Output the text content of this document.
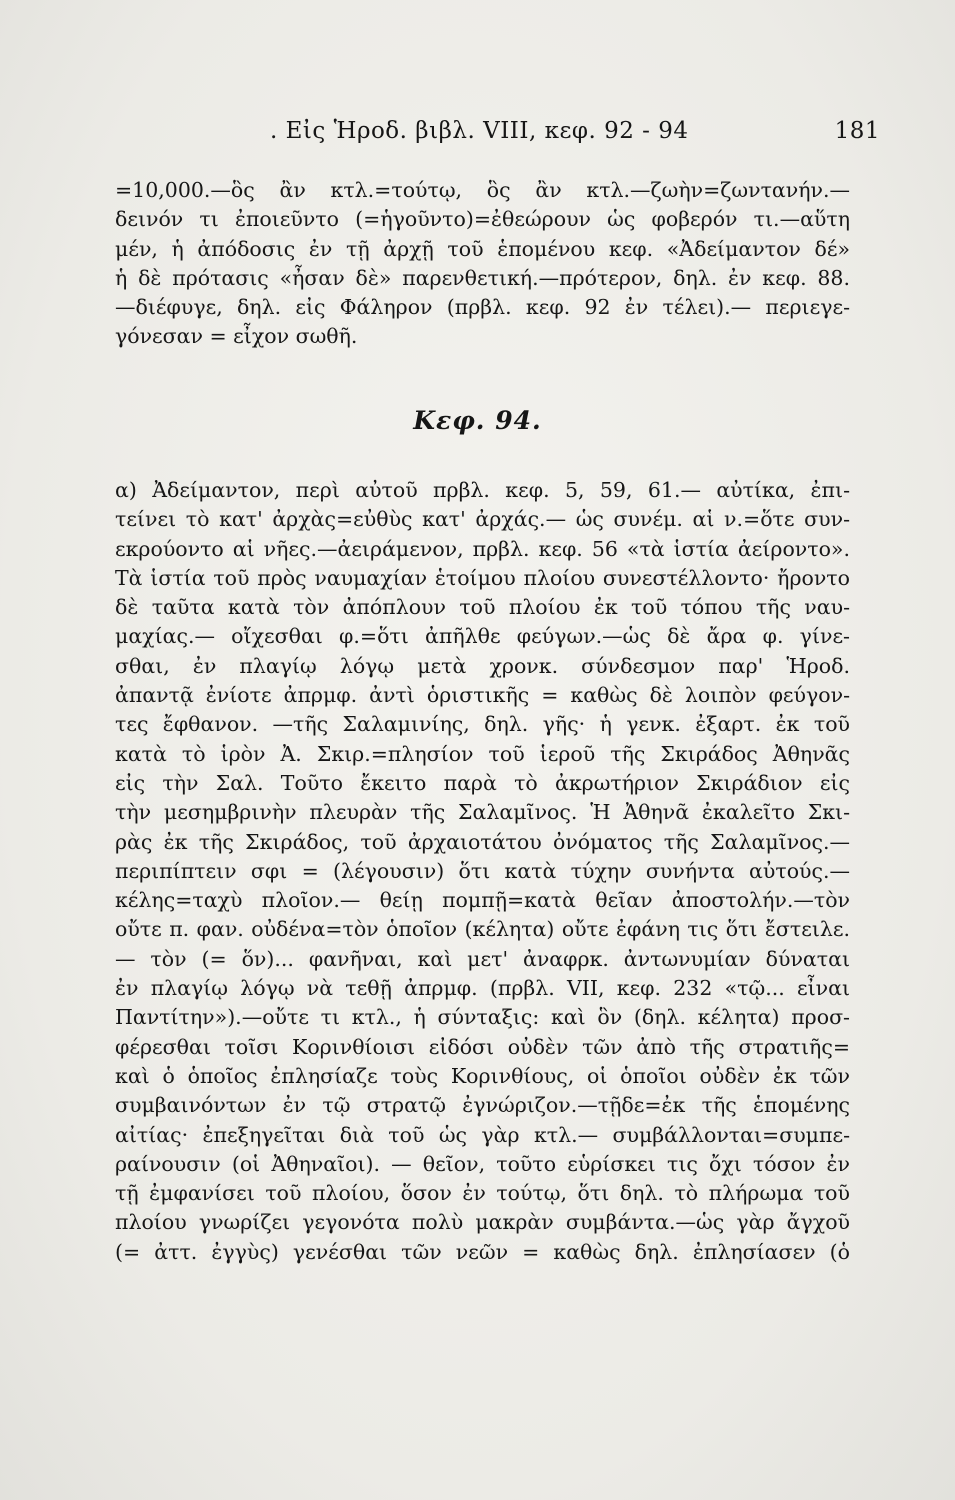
. Εἰς Ἡροδ. βιβλ. VIII, κεφ. 92 - 94	181
=10,000.—ὃς ἂν κτλ.=τούτῳ, ὃς ἂν κτλ.—ζωὴν=ζωντανήν.—
δεινόν τι ἐποιεῦντο (=ἡγοῦντο)=ἐθεώρουν ὡς φοβερόν τι.—αὕτη
μέν, ἡ ἀπόδοσις ἐν τῇ ἀρχῇ τοῦ ἑπομένου κεφ. «Ἀδείμαντον δέ»
ἡ δὲ πρότασις «ἦσαν δὲ» παρενθετική.—πρότερον, δηλ. ἐν κεφ. 88.
—διέφυγε, δηλ. εἰς Φάληρον (πρβλ. κεφ. 92 ἐν τέλει).— περιεγε-
γόνεσαν = εἶχον σωθῆ.
Κεφ. 94.
α) Ἀδείμαντον, περὶ αὐτοῦ πρβλ. κεφ. 5, 59, 61.— αὐτίκα, ἐπι-
τείνει τὸ κατ' ἀρχὰς=εὐθὺς κατ' ἀρχάς.— ὡς συνέμ. αἱ ν.=ὅτε συν-
εκρούοντο αἱ νῆες.—ἀειράμενον, πρβλ. κεφ. 56 «τὰ ἱστία ἀείροντο».
Τὰ ἱστία τοῦ πρὸς ναυμαχίαν ἑτοίμου πλοίου συνεστέλλοντο· ἤροντο
δὲ ταῦτα κατὰ τὸν ἀπόπλουν τοῦ πλοίου ἐκ τοῦ τόπου τῆς ναυ-
μαχίας.— οἴχεσθαι φ.=ὅτι ἀπῆλθε φεύγων.—ὡς δὲ ἄρα φ. γίνε-
σθαι, ἐν πλαγίῳ λόγῳ μετὰ χρονκ. σύνδεσμον παρ' Ἡροδ.
ἀπαντᾷ ἐνίοτε ἀπρμφ. ἀντὶ ὁριστικῆς = καθὼς δὲ λοιπὸν φεύγον-
τες ἔφθανον. —τῆς Σαλαμινίης, δηλ. γῆς· ἡ γενκ. ἐξαρτ. ἐκ τοῦ
κατὰ τὸ ἱρὸν Ἀ. Σκιρ.=πλησίον τοῦ ἱεροῦ τῆς Σκιράδος Ἀθηνᾶς
εἰς τὴν Σαλ. Τοῦτο ἔκειτο παρὰ τὸ ἀκρωτήριον Σκιράδιον εἰς
τὴν μεσημβρινὴν πλευρὰν τῆς Σαλαμῖνος. Ἡ Ἀθηνᾶ ἐκαλεῖτο Σκι-
ρὰς ἐκ τῆς Σκιράδος, τοῦ ἀρχαιοτάτου ὀνόματος τῆς Σαλαμῖνος.—
περιπίπτειν σφι = (λέγουσιν) ὅτι κατὰ τύχην συνήντα αὐτούς.—
κέλης=ταχὺ πλοῖον.— θείῃ πομπῇ=κατὰ θεῖαν ἀποστολήν.—τὸν
οὔτε π. φαν. οὐδένα=τὸν ὁποῖον (κέλητα) οὔτε ἐφάνη τις ὅτι ἔστειλε.
— τὸν (= ὅν)... φανῆναι, καὶ μετ' ἀναφρκ. ἀντωνυμίαν δύναται
ἐν πλαγίῳ λόγῳ νὰ τεθῇ ἀπρμφ. (πρβλ. VII, κεφ. 232 «τῷ... εἶναι
Παντίτην»).—οὔτε τι κτλ., ἡ σύνταξις: καὶ ὃν (δηλ. κέλητα) προσ-
φέρεσθαι τοῖσι Κορινθίοισι εἰδόσι οὐδὲν τῶν ἀπὸ τῆς στρατιῆς=
καὶ ὁ ὁποῖος ἐπλησίαζε τοὺς Κορινθίους, οἱ ὁποῖοι οὐδὲν ἐκ τῶν
συμβαινόντων ἐν τῷ στρατῷ ἐγνώριζον.—τῇδε=ἐκ τῆς ἑπομένης
αἰτίας· ἐπεξηγεῖται διὰ τοῦ ὡς γὰρ κτλ.— συμβάλλονται=συμπε-
ραίνουσιν (οἱ Ἀθηναῖοι). — θεῖον, τοῦτο εὑρίσκει τις ὄχι τόσον ἐν
τῇ ἐμφανίσει τοῦ πλοίου, ὅσον ἐν τούτῳ, ὅτι δηλ. τὸ πλήρωμα τοῦ
πλοίου γνωρίζει γεγονότα πολὺ μακρὰν συμβάντα.—ὡς γὰρ ἄγχοῦ
(= ἀττ. ἐγγὺς) γενέσθαι τῶν νεῶν = καθὼς δηλ. ἐπλησίασεν (ὁ
